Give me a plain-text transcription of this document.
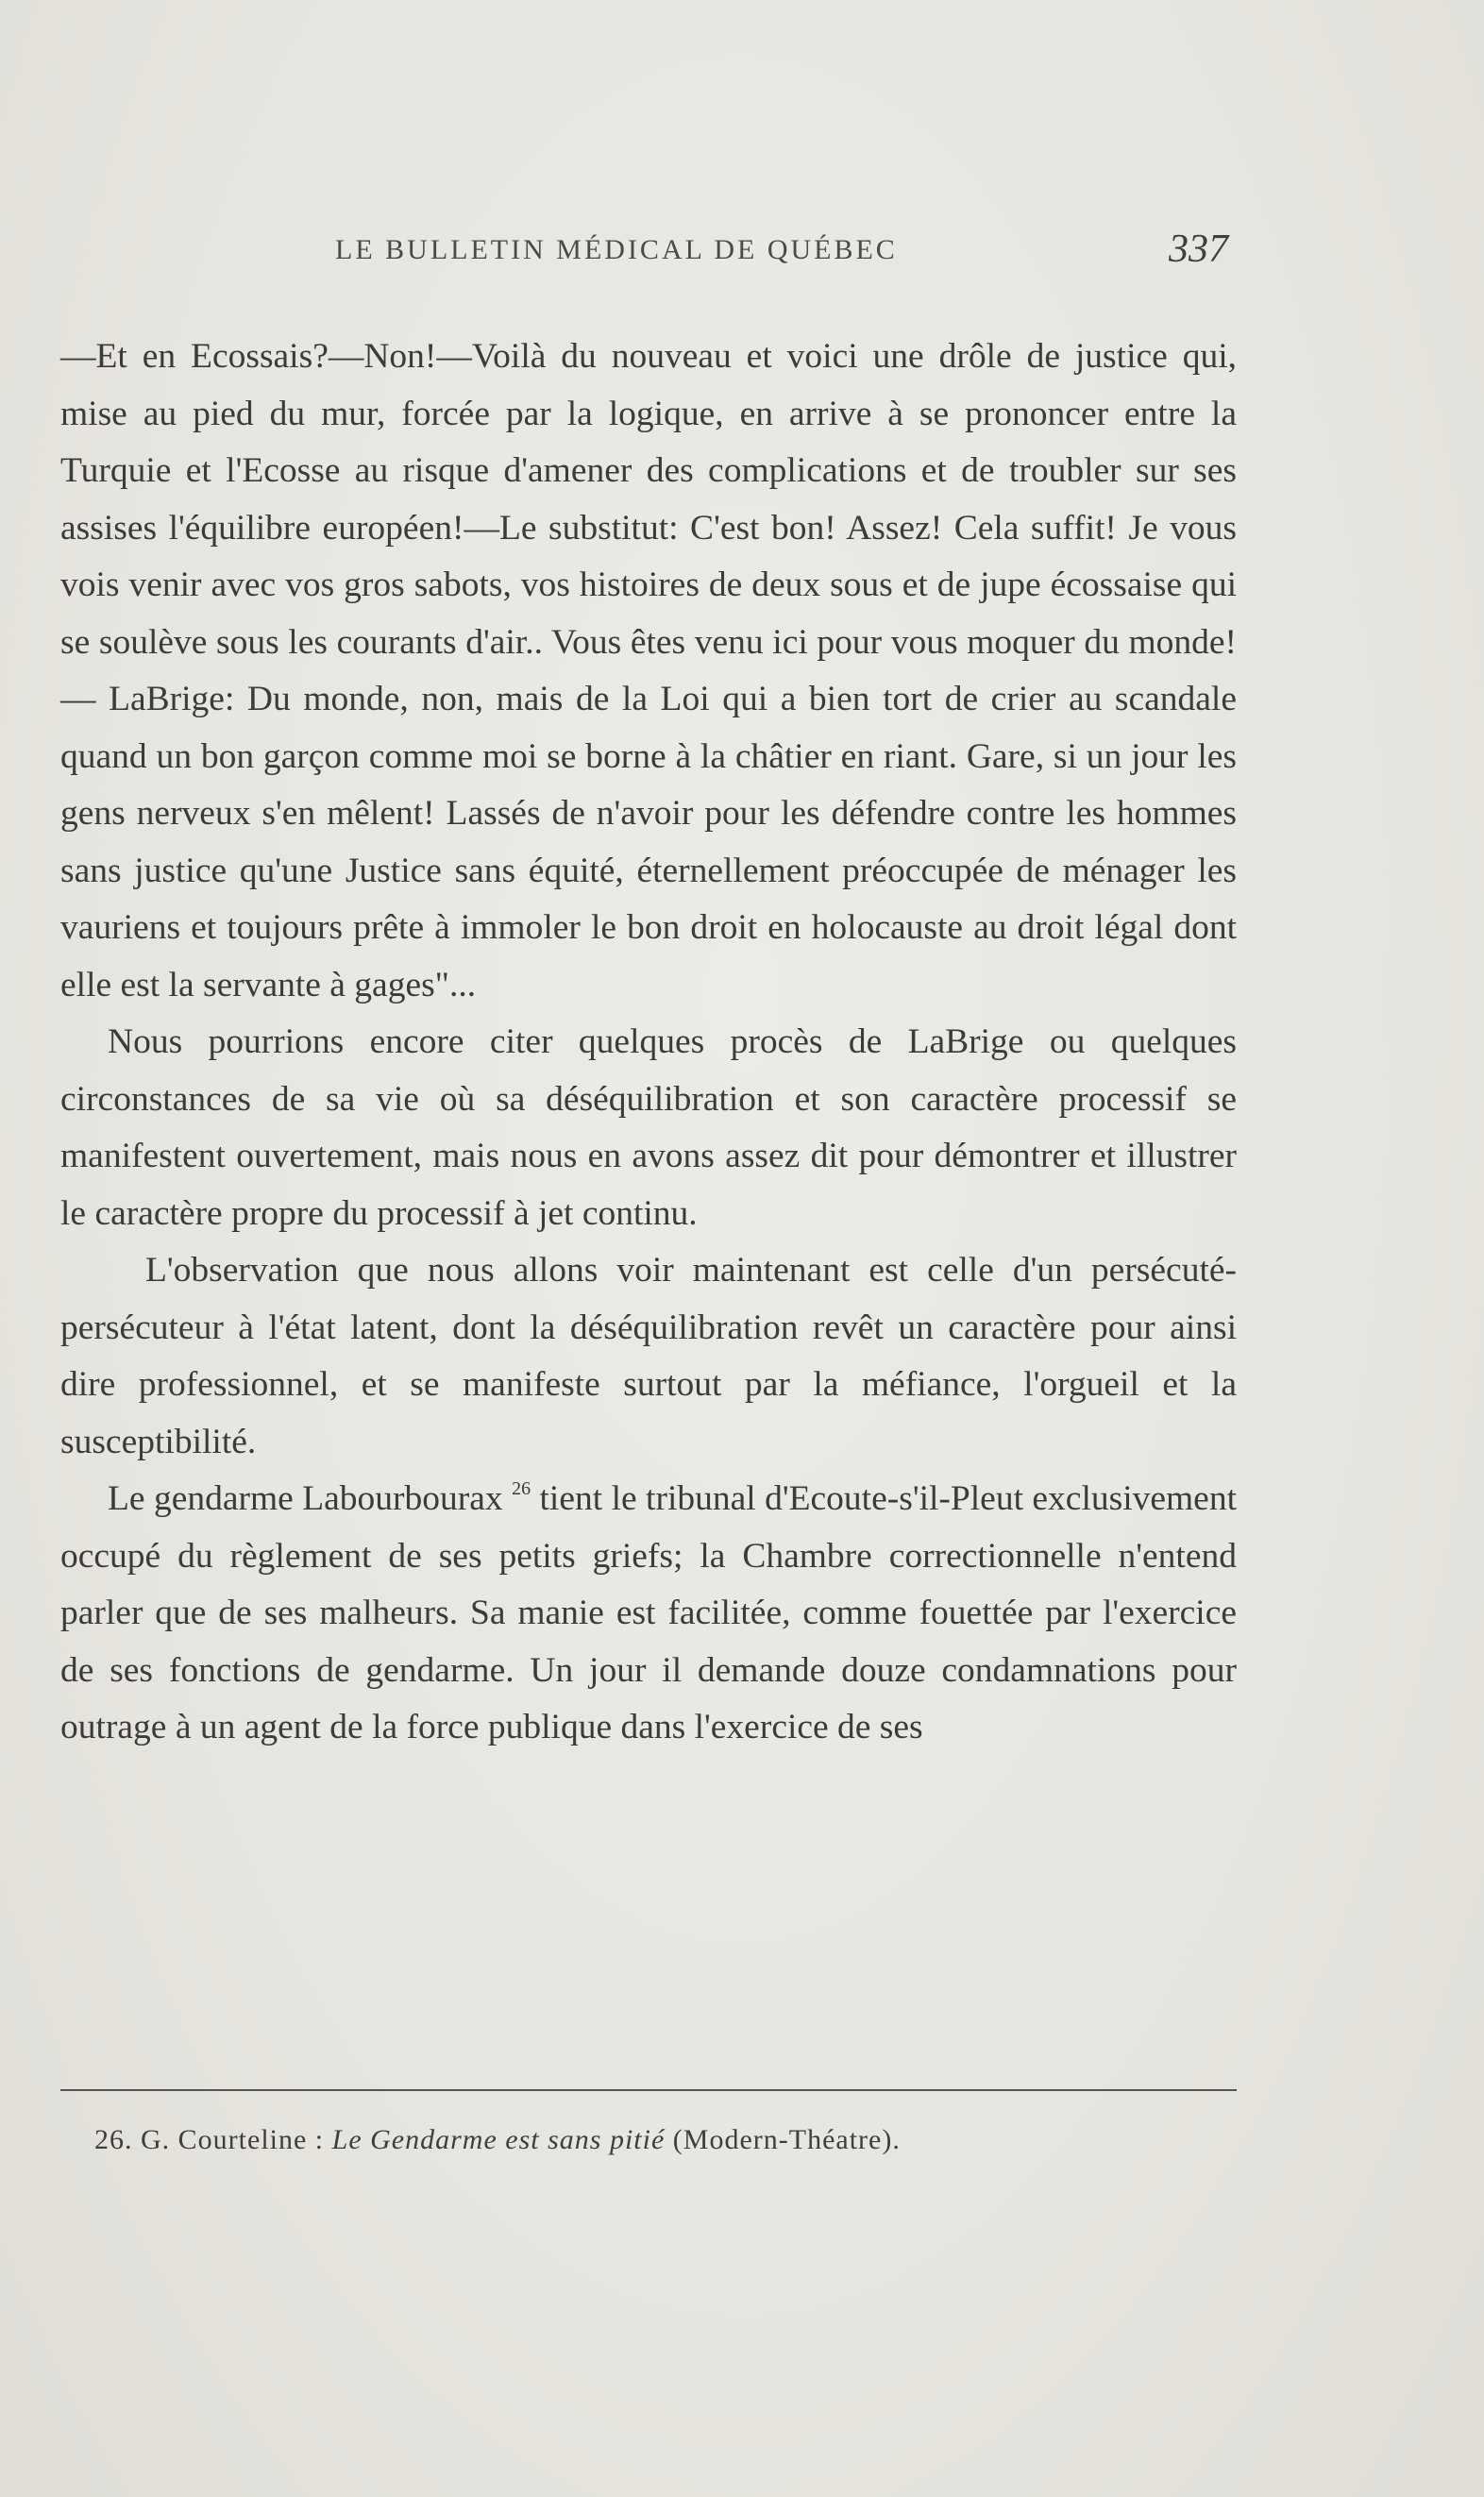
LE BULLETIN MÉDICAL DE QUÉBEC	337

—Et en Ecossais?—Non!—Voilà du nouveau et voici une drôle de justice qui, mise au pied du mur, forcée par la logique, en arrive à se prononcer entre la Turquie et l'Ecosse au risque d'amener des complications et de troubler sur ses assises l'équilibre européen!—Le substitut: C'est bon! Assez! Cela suffit! Je vous vois venir avec vos gros sabots, vos histoires de deux sous et de jupe écossaise qui se soulève sous les courants d'air.. Vous êtes venu ici pour vous moquer du monde! — LaBrige: Du monde, non, mais de la Loi qui a bien tort de crier au scandale quand un bon garçon comme moi se borne à la châtier en riant. Gare, si un jour les gens nerveux s'en mêlent! Lassés de n'avoir pour les défendre contre les hommes sans justice qu'une Justice sans équité, éternellement préoccupée de ménager les vauriens et toujours prête à immoler le bon droit en holocauste au droit légal dont elle est la servante à gages"...

Nous pourrions encore citer quelques procès de LaBrige ou quelques circonstances de sa vie où sa déséquilibration et son caractère processif se manifestent ouvertement, mais nous en avons assez dit pour démontrer et illustrer le caractère propre du processif à jet continu.

L'observation que nous allons voir maintenant est celle d'un persécuté-persécuteur à l'état latent, dont la déséquilibration revêt un caractère pour ainsi dire professionnel, et se manifeste surtout par la méfiance, l'orgueil et la susceptibilité.

Le gendarme Labourbourax $^{26}$ tient le tribunal d'Ecoute-s'il-Pleut exclusivement occupé du règlement de ses petits griefs; la Chambre correctionnelle n'entend parler que de ses malheurs. Sa manie est facilitée, comme fouettée par l'exercice de ses fonctions de gendarme. Un jour il demande douze condamnations pour outrage à un agent de la force publique dans l'exercice de ses

26. G. Courteline : Le Gendarme est sans pitié (Modern-Théatre).
